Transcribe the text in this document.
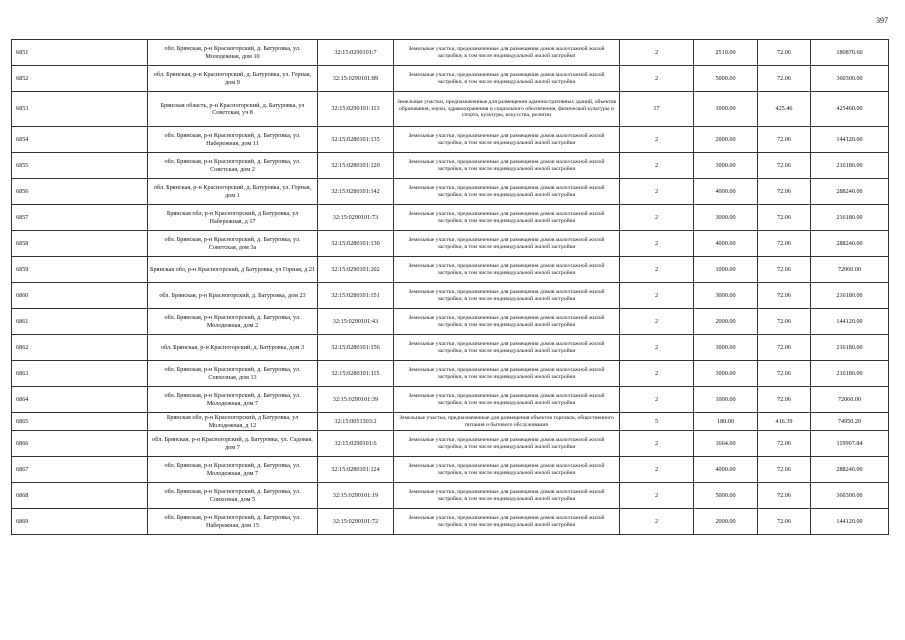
397
6851	обл. Брянская, р-н Красногорский, д. Батуровка, ул. Молодежная, дом 10	32:15:0290101:7	Земельные участки, предназначенные для размещения домов малоэтажной жилой застройки, в том числе индивидуальной жилой застройки	2	2510.00	72.06	180870.60
6852	обл. Брянская, р-н Красногорский, д. Батуровка, ул. Горная, дом 9	32:15:0290101:89	Земельные участки, предназначенные для размещения домов малоэтажной жилой застройки, в том числе индивидуальной жилой застройки	2	5000.00	72.06	360300.00
6853	Брянская область, р-н Красногорский, д. Батуровка, ул Советская, уч 8	32:15:0290101:113	Земельные участки, предназначенные для размещения административных зданий, объектов образования, науки, здравоохранения и социального обеспечения, физической культуры и спорта, культуры, искусства, религии	17	1000.00	425.46	425460.00
6854	обл. Брянская, р-н Красногорский, д. Батуровка, ул. Набережная, дом 11	32:15:0280101:135	Земельные участки, предназначенные для размещения домов малоэтажной жилой застройки, в том числе индивидуальной жилой застройки	2	2000.00	72.06	144120.00
6855	обл. Брянская, р-н Красногорский, д. Батуровка, ул. Советская, дом 2	32:15:0280101:120	Земельные участки, предназначенные для размещения домов малоэтажной жилой застройки, в том числе индивидуальной жилой застройки	2	3000.00	72.06	216180.00
6856	обл. Брянская, р-н Красногорский, д. Батуровка, ул. Горная, дом 1	32:15:0280101:142	Земельные участки, предназначенные для размещения домов малоэтажной жилой застройки, в том числе индивидуальной жилой застройки	2	4000.00	72.06	288240.00
6857	Брянская обл, р-н Красногорский, д Батуровка, ул Набережная, д 17	32:15:0290101:73	Земельные участки, предназначенные для размещения домов малоэтажной жилой застройки, в том числе индивидуальной жилой застройки	2	3000.00	72.06	216180.00
6858	обл. Брянская, р-н Красногорский, д. Батуровка, ул. Советская, дом 3а	32:15:0280101:130	Земельные участки, предназначенные для размещения домов малоэтажной жилой застройки, в том числе индивидуальной жилой застройки	2	4000.00	72.06	288240.00
6859	Брянская обл, р-н Красногорский, д Батуровка, ул Горная, д 21	32:15:0290101:202	Земельные участки, предназначенные для размещения домов малоэтажной жилой застройки, в том числе индивидуальной жилой застройки	2	1000.00	72.06	72060.00
6860	обл. Брянская, р-н Красногорский, д. Батуровка, дом 23	32:15:0280101:151	Земельные участки, предназначенные для размещения домов малоэтажной жилой застройки, в том числе индивидуальной жилой застройки	2	3000.00	72.06	216180.00
6861	обл. Брянская, р-н Красногорский, д. Батуровка, ул. Молодежная, дом 2	32:15:0290101:43	Земельные участки, предназначенные для размещения домов малоэтажной жилой застройки, в том числе индивидуальной жилой застройки	2	2000.00	72.06	144120.00
6862	обл. Брянская, р-н Красногорский, д. Батуровка, дом 3	32:15:0280101:156	Земельные участки, предназначенные для размещения домов малоэтажной жилой застройки, в том числе индивидуальной жилой застройки	2	3000.00	72.06	216180.00
6863	обл. Брянская, р-н Красногорский, д. Батуровка, ул. Совхозная, дом 13	32:15:0280101:115	Земельные участки, предназначенные для размещения домов малоэтажной жилой застройки, в том числе индивидуальной жилой застройки	2	3000.00	72.06	216180.00
6864	обл. Брянская, р-н Красногорский, д. Батуровка, ул. Молодежная, дом 7	32:15:0290101:39	Земельные участки, предназначенные для размещения домов малоэтажной жилой застройки, в том числе индивидуальной жилой застройки	2	1000.00	72.06	72060.00
6865	Брянская обл, р-н Красногорский, д Батуровка, ул Молодежная, д 12	32:15:0051303:2	Земельные участки, предназначенные для размещения объектов торговли, общественного питания и бытового обслуживания	5	180.00	416.39	74950.20
6866	обл. Брянская, р-н Красногорский, д. Батуровка, ул. Садовая, дом 7	32:15:0290101:6	Земельные участки, предназначенные для размещения домов малоэтажной жилой застройки, в том числе индивидуальной жилой застройки	2	1664.00	72.06	119907.84
6867	обл. Брянская, р-н Красногорский, д. Батуровка, ул. Молодежная, дом 7	32:15:0280101:124	Земельные участки, предназначенные для размещения домов малоэтажной жилой застройки, в том числе индивидуальной жилой застройки	2	4000.00	72.06	288240.00
6868	обл. Брянская, р-н Красногорский, д. Батуровка, ул. Совхозная, дом 5	32:15:0290101:19	Земельные участки, предназначенные для размещения домов малоэтажной жилой застройки, в том числе индивидуальной жилой застройки	2	5000.00	72.06	360300.00
6869	обл. Брянская, р-н Красногорский, д. Батуровка, ул. Набережная, дом 15	32:15:0290101:72	Земельные участки, предназначенные для размещения домов малоэтажной жилой застройки, в том числе индивидуальной жилой застройки	2	2000.00	72.06	144120.00
